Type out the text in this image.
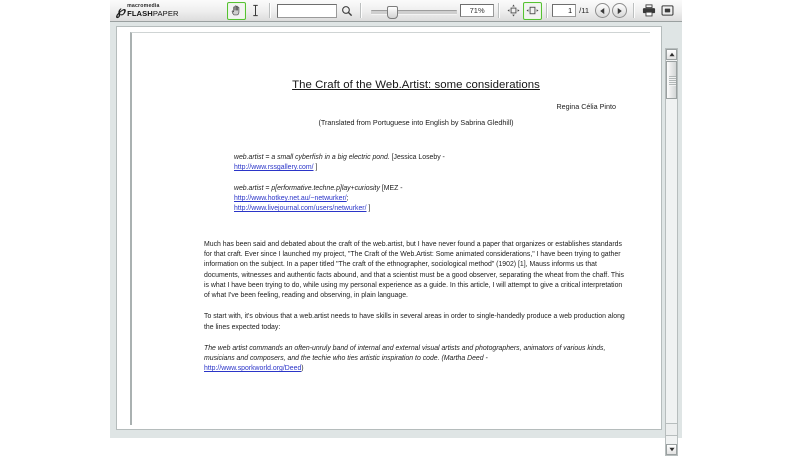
℘ macromedia
FLASHPAPER	71%	1 /11
The Craft of the Web.Artist: some considerations
Regina Célia Pinto
(Translated from Portuguese into English by Sabrina Gledhill)
web.artist = a small cyberfish in a big electric pond. [Jessica Loseby -
http://www.rssgallery.com/ ]
web.artist = p[erformative.techne.p]lay+curiosity [MEZ -
http://www.hotkey.net.au/~netwurker/;
http://www.livejournal.com/users/netwurker/ ]

Much has been said and debated about the craft of the web.artist, but I have never found a paper that organizes or establishes standards for that craft. Ever since I launched my project, "The Craft of the Web.Artist: Some animated considerations," I have been trying to gather information on the subject. In a paper titled "The craft of the ethnographer, sociological method" (1902) [1], Mauss informs us that documents, witnesses and authentic facts abound, and that a scientist must be a good observer, separating the wheat from the chaff. This is what I have been trying to do, while using my personal experience as a guide. In this article, I will attempt to give a critical interpretation of what I've been feeling, reading and observing, in plain language.

To start with, it's obvious that a web.artist needs to have skills in several areas in order to single-handedly produce a web production along the lines expected today:

The web artist commands an often-unruly band of internal and external visual artists and photographers, animators of various kinds, musicians and composers, and the techie who ties artistic inspiration to code. (Martha Deed -
http://www.sporkworld.org/Deed)
